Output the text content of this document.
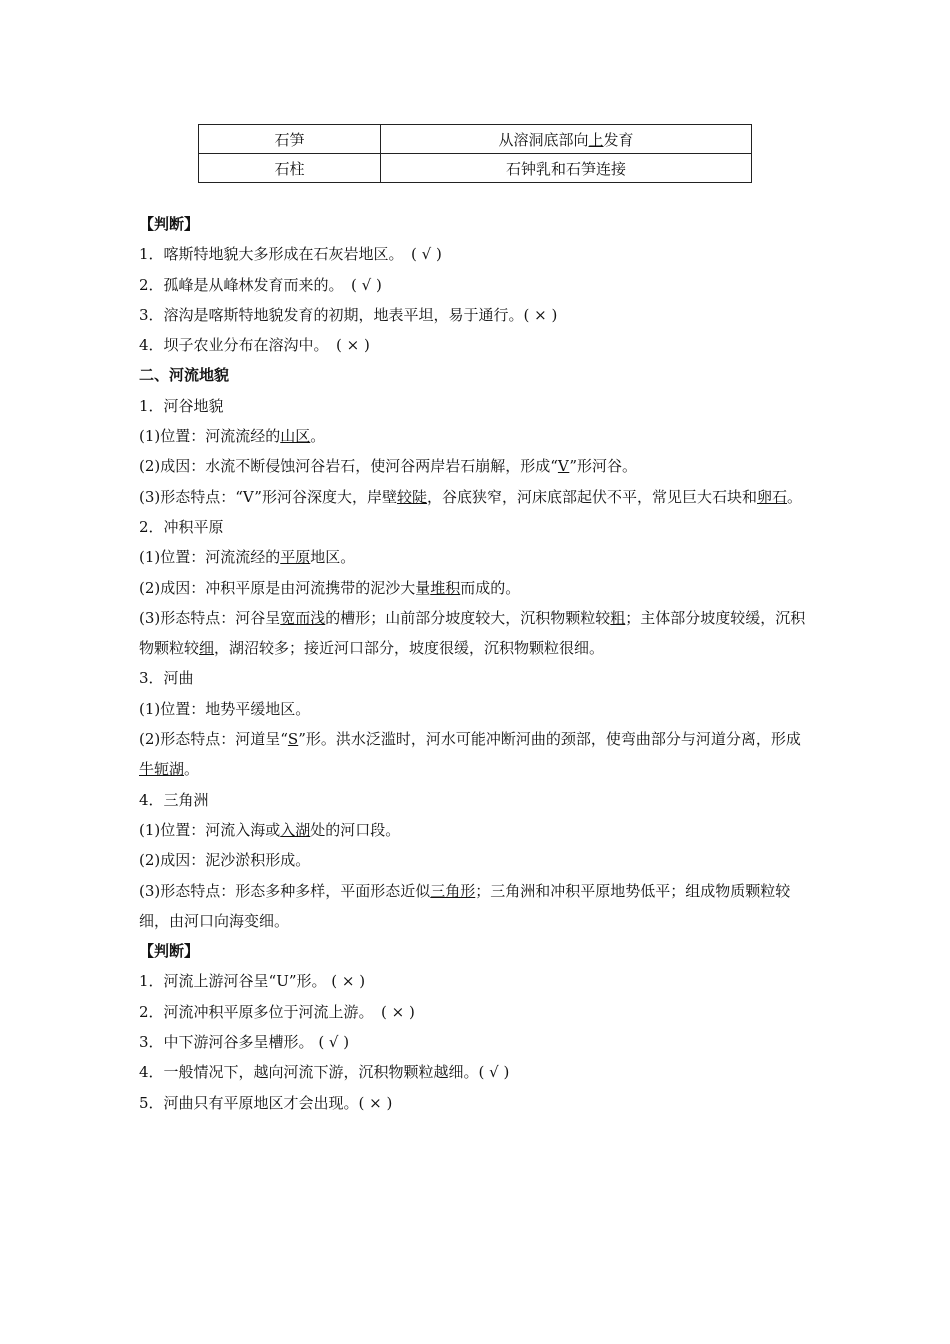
石笋	从溶洞底部向上发育
石柱	石钟乳和石笋连接
【判断】
1．喀斯特地貌大多形成在石灰岩地区。　( √ )
2．孤峰是从峰林发育而来的。　( √ )
3．溶沟是喀斯特地貌发育的初期，地表平坦，易于通行。( × )
4．坝子农业分布在溶沟中。　( × )
二、河流地貌
1．河谷地貌
(1)位置：河流流经的山区。
(2)成因：水流不断侵蚀河谷岩石，使河谷两岸岩石崩解，形成“V”形河谷。
(3)形态特点：“V”形河谷深度大，岸壁较陡，谷底狭窄，河床底部起伏不平，常见巨大石块和卵石。
2．冲积平原
(1)位置：河流流经的平原地区。
(2)成因：冲积平原是由河流携带的泥沙大量堆积而成的。
(3)形态特点：河谷呈宽而浅的槽形；山前部分坡度较大，沉积物颗粒较粗；主体部分坡度较缓，沉积物颗粒较细，湖沼较多；接近河口部分，坡度很缓，沉积物颗粒很细。
3．河曲
(1)位置：地势平缓地区。
(2)形态特点：河道呈“S”形。洪水泛滥时，河水可能冲断河曲的颈部，使弯曲部分与河道分离，形成牛轭湖。
4．三角洲
(1)位置：河流入海或入湖处的河口段。
(2)成因：泥沙淤积形成。
(3)形态特点：形态多种多样，平面形态近似三角形；三角洲和冲积平原地势低平；组成物质颗粒较细，由河口向海变细。
【判断】
1．河流上游河谷呈“U”形。 ( × )
2．河流冲积平原多位于河流上游。　( × )
3．中下游河谷多呈槽形。 ( √ )
4．一般情况下，越向河流下游，沉积物颗粒越细。( √ )
5．河曲只有平原地区才会出现。( × )
